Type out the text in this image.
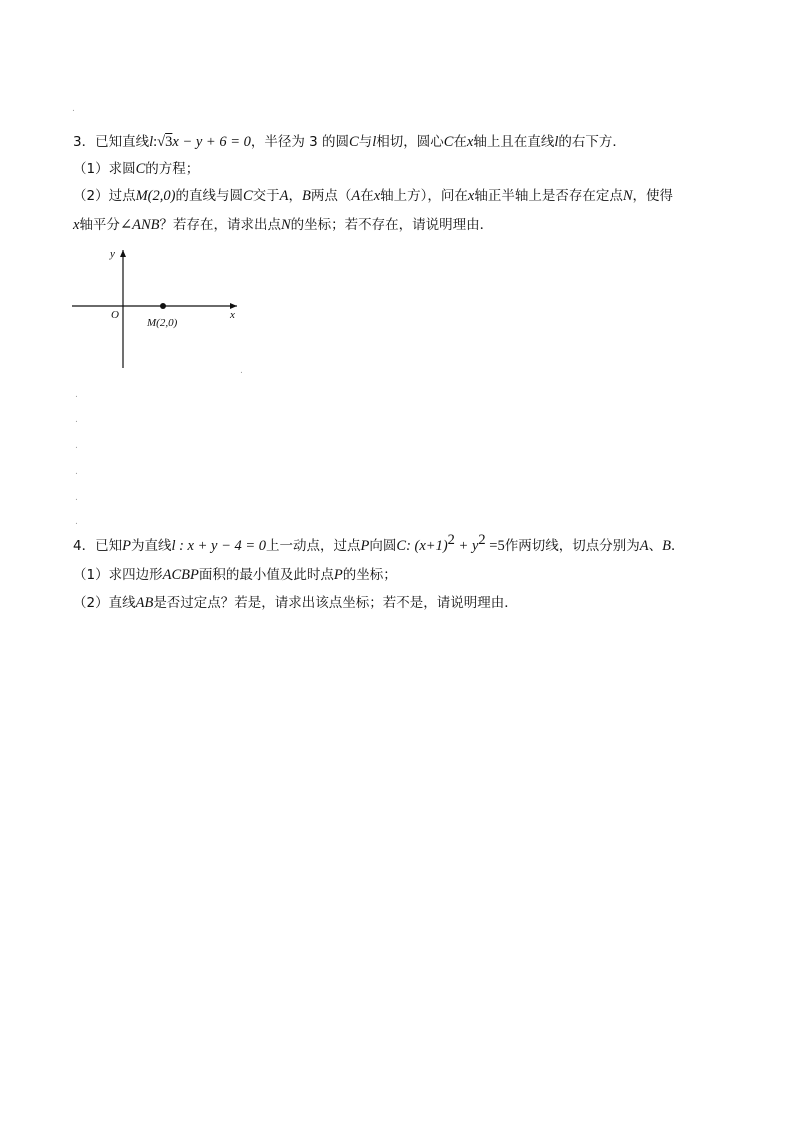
.
.
.
.
.
.
.
.
3．已知直线l:√3x − y + 6 = 0，半径为 3 的圆C与l相切，圆心C在x轴上且在直线l的右下方．
（1）求圆C的方程；
（2）过点M(2,0)的直线与圆C交于A，B两点（A在x轴上方），问在x轴正半轴上是否存在定点N，使得
x轴平分∠ANB？若存在，请求出点N的坐标；若不存在，请说明理由．
y
x
O
M(2,0)
4．已知P为直线l : x + y − 4 = 0上一动点，过点P向圆C: $(x+1)^2 + y^2 =5$作两切线，切点分别为A、B．
（1）求四边形ACBP面积的最小值及此时点P的坐标；
（2）直线AB是否过定点？若是，请求出该点坐标；若不是，请说明理由．
